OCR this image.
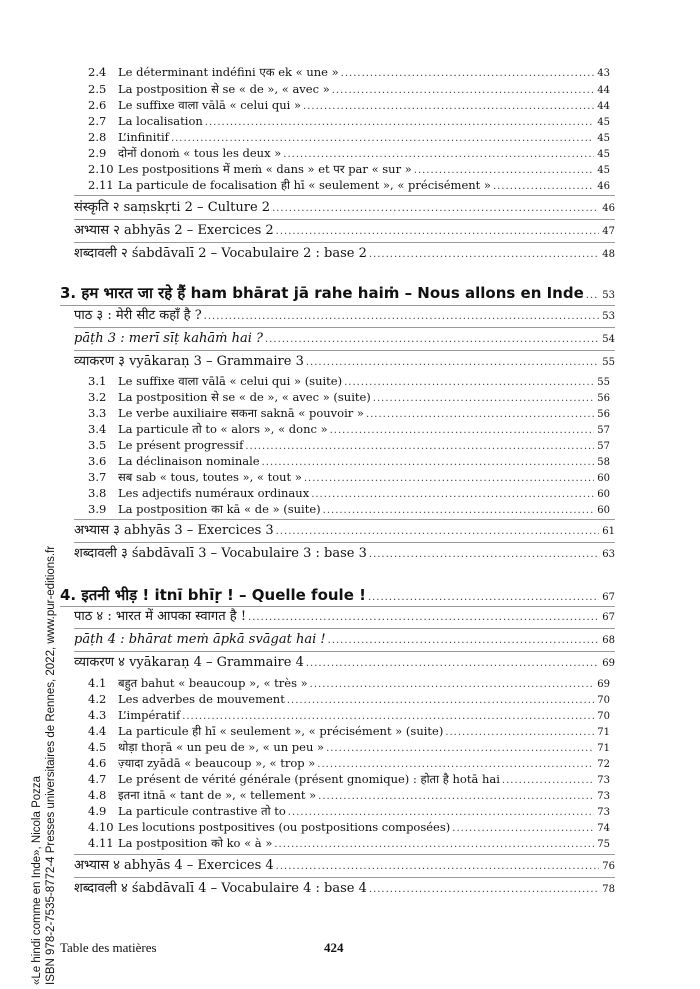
«Le hindi comme en Inde», Nicola Pozza ISBN 978-2-7535-8772-4 Presses universitaires de Rennes, 2022, www.pur-editions.fr
2.4	Le déterminant indéfini एक ek « une » .....	43
2.5	La postposition से se « de », « avec » .....	44
2.6	Le suffixe वाला vālā « celui qui » .....	44
2.7	La localisation .....	45
2.8	L’infinitif .....	45
2.9	दोनों donoṁ « tous les deux » .....	45
2.10 Les postpositions में meṁ « dans » et पर par « sur » .....	45
2.11 La particule de focalisation ही hī « seulement », « précisément » .....	46
संस्कृति २ saṃskṛti 2 – Culture 2 .....	46
अभ्यास २ abhyās 2 – Exercices 2 .....	47
शब्दावली २ śabdāvalī 2 – Vocabulaire 2 : base 2 .....	48
3. हम भारत जा रहे हैं ham bhārat jā rahe haiṁ – Nous allons en Inde ..... 53
पाठ ३ : मेरी सीट कहाँ है ? .....	53
pāṭh 3 : merī sīṭ kahāṁ hai ? .....	54
व्याकरण ३ vyākaraṇ 3 – Grammaire 3 .....	55
3.1	Le suffixe वाला vālā « celui qui » (suite) .....	55
3.2	La postposition से se « de », « avec » (suite) .....	56
3.3	Le verbe auxiliaire सकना saknā « pouvoir » .....	56
3.4	La particule तो to « alors », « donc » .....	57
3.5	Le présent progressif .....	57
3.6	La déclinaison nominale .....	58
3.7	सब sab « tous, toutes », « tout » .....	60
3.8	Les adjectifs numéraux ordinaux .....	60
3.9	La postposition का kā « de » (suite) .....	60
अभ्यास ३ abhyās 3 – Exercices 3 .....	61
शब्दावली ३ śabdāvalī 3 – Vocabulaire 3 : base 3 .....	63
4. इतनी भीड़ ! itnī bhīṛ ! – Quelle foule ! .....	67
पाठ ४ : भारत में आपका स्वागत है ! .....	67
pāṭh 4 : bhārat meṁ āpkā svāgat hai ! .....	68
व्याकरण ४ vyākaraṇ 4 – Grammaire 4 .....	69
4.1	बहुत bahut « beaucoup », « très » .....	69
4.2	Les adverbes de mouvement .....	70
4.3	L’impératif .....	70
4.4	La particule ही hī « seulement », « précisément » (suite) .....	71
4.5	थोड़ा thoṛā « un peu de », « un peu » .....	71
4.6	ज़्यादा zyādā « beaucoup », « trop » .....	72
4.7	Le présent de vérité générale (présent gnomique) : होता है hotā hai .....	73
4.8	इतना itnā « tant de », « tellement » .....	73
4.9	La particule contrastive तो to .....	73
4.10 Les locutions postpositives (ou postpositions composées) .....	74
4.11 La postposition को ko « à » .....	75
अभ्यास ४ abhyās 4 – Exercices 4 .....	76
शब्दावली ४ śabdāvalī 4 – Vocabulaire 4 : base 4 .....	78
Table des matières	424
